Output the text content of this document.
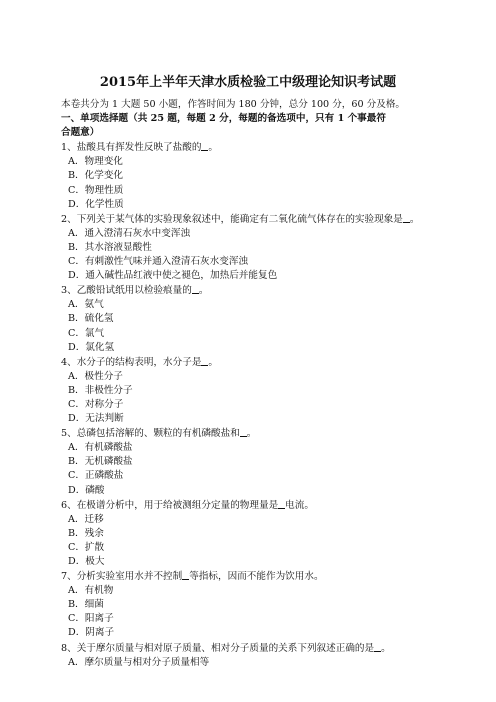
2015年上半年天津水质检验工中级理论知识考试题
本卷共分为 1 大题 50 小题，作答时间为 180 分钟，总分 100 分，60 分及格。
一、单项选择题（共 25 题，每题 2 分，每题的备选项中，只有 1 个事最符
合题意）
1、盐酸具有挥发性反映了盐酸的 。
A．物理变化
B．化学变化
C．物理性质
D．化学性质
2、下列关于某气体的实验现象叙述中，能确定有二氧化硫气体存在的实验现象是 。
A．通入澄清石灰水中变浑浊
B．其水溶液显酸性
C．有刺激性气味并通入澄清石灰水变浑浊
D．通入碱性品红液中使之褪色，加热后并能复色
3、乙酸铅试纸用以检验痕量的 。
A．氨气
B．硫化氢
C．氯气
D．氯化氢
4、水分子的结构表明，水分子是 。
A．极性分子
B．非极性分子
C．对称分子
D．无法判断
5、总磷包括溶解的、颗粒的有机磷酸盐和 。
A．有机磷酸盐
B．无机磷酸盐
C．正磷酸盐
D．磷酸
6、在极谱分析中，用于给被测组分定量的物理量是 电流。
A．迁移
B．残余
C．扩散
D．极大
7、分析实验室用水并不控制 等指标，因而不能作为饮用水。
A．有机物
B．细菌
C．阳离子
D．阴离子
8、关于摩尔质量与相对原子质量、相对分子质量的关系下列叙述正确的是 。
A．摩尔质量与相对分子质量相等
